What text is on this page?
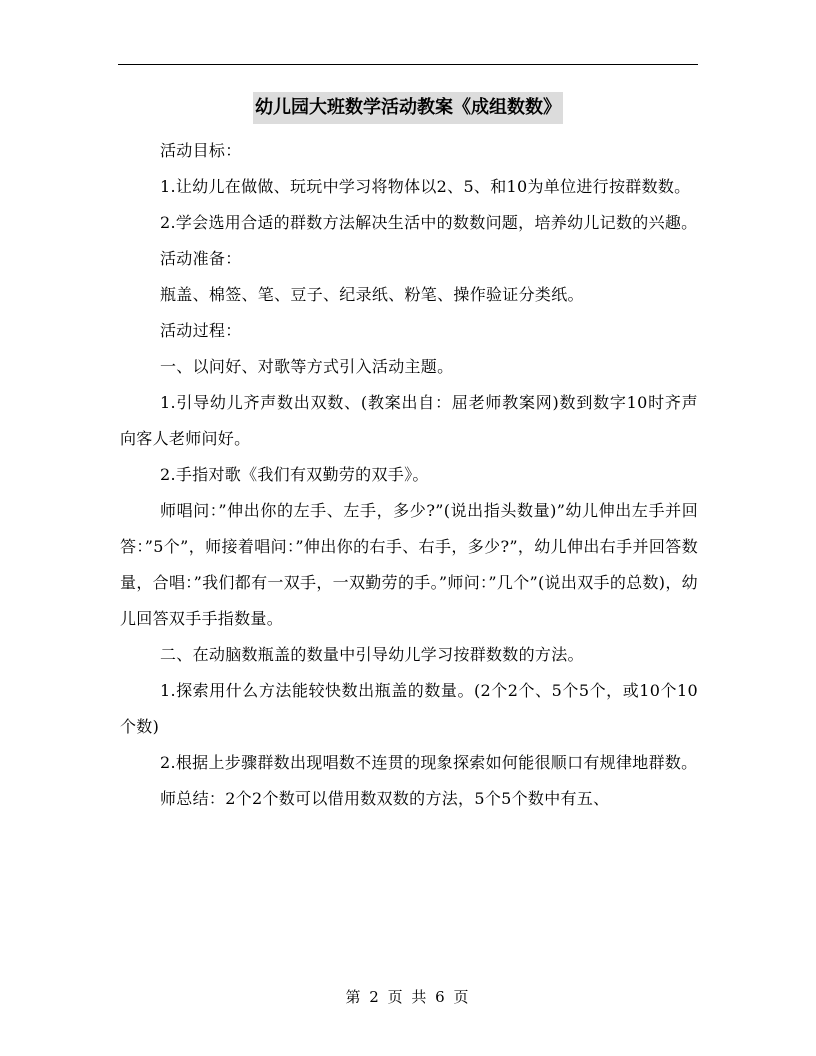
幼儿园大班数学活动教案《成组数数》

活动目标：

1.让幼儿在做做、玩玩中学习将物体以2、5、和10为单位进行按群数数。

2.学会选用合适的群数方法解决生活中的数数问题，培养幼儿记数的兴趣。

活动准备：

瓶盖、棉签、笔、豆子、纪录纸、粉笔、操作验证分类纸。

活动过程：

一、以问好、对歌等方式引入活动主题。

1.引导幼儿齐声数出双数、(教案出自：屈老师教案网)数到数字10时齐声向客人老师问好。

2.手指对歌《我们有双勤劳的双手》。

师唱问：”伸出你的左手、左手，多少?”(说出指头数量)”幼儿伸出左手并回答：”5个”，师接着唱问：”伸出你的右手、右手，多少?”，幼儿伸出右手并回答数量，合唱：”我们都有一双手，一双勤劳的手。”师问：”几个”(说出双手的总数)，幼儿回答双手手指数量。

二、在动脑数瓶盖的数量中引导幼儿学习按群数数的方法。

1.探索用什么方法能较快数出瓶盖的数量。(2个2个、5个5个，或10个10个数)

2.根据上步骤群数出现唱数不连贯的现象探索如何能很顺口有规律地群数。

师总结：2个2个数可以借用数双数的方法，5个5个数中有五、

第 2 页 共 6 页
